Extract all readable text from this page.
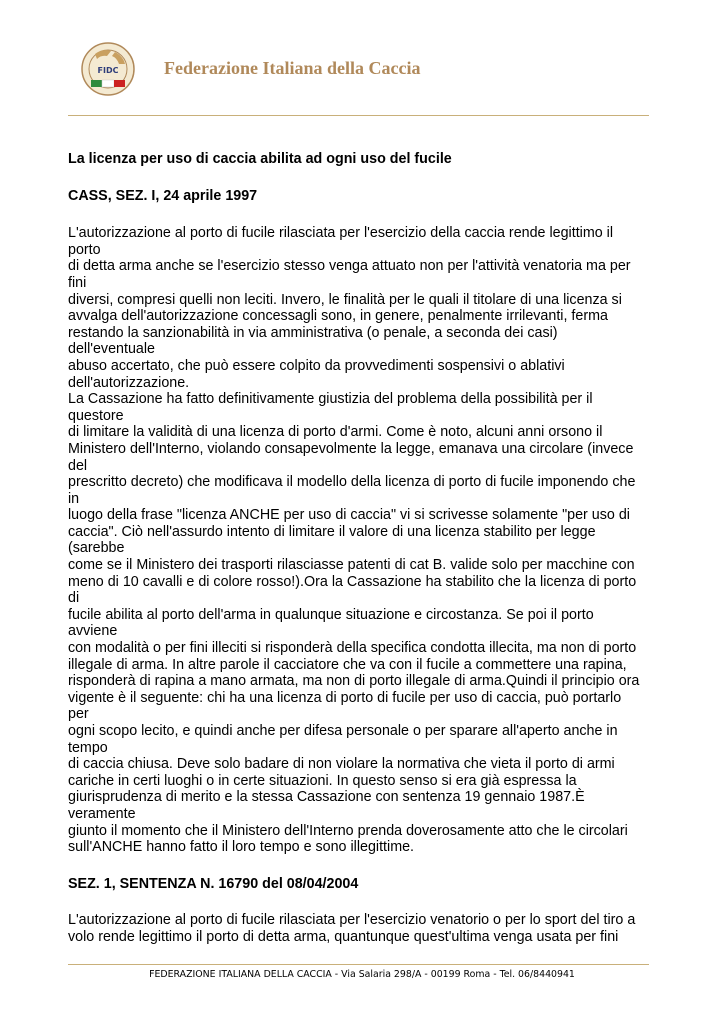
FIDC	Federazione Italiana della Caccia
La licenza per uso di caccia abilita ad ogni uso del fucile
CASS, SEZ. I, 24 aprile 1997
L'autorizzazione al porto di fucile rilasciata per l'esercizio della caccia rende legittimo il
porto
di detta arma anche se l'esercizio stesso venga attuato non per l'attività venatoria ma per
fini
diversi, compresi quelli non leciti. Invero, le finalità per le quali il titolare di una licenza si
avvalga dell'autorizzazione concessagli sono, in genere, penalmente irrilevanti, ferma
restando la sanzionabilità in via amministrativa (o penale, a seconda dei casi)
dell'eventuale
abuso accertato, che può essere colpito da provvedimenti sospensivi o ablativi
dell'autorizzazione.
La Cassazione ha fatto definitivamente giustizia del problema della possibilità per il
questore
di limitare la validità di una licenza di porto d'armi. Come è noto, alcuni anni orsono il
Ministero dell'Interno, violando consapevolmente la legge, emanava una circolare (invece
del
prescritto decreto) che modificava il modello della licenza di porto di fucile imponendo che
in
luogo della frase "licenza ANCHE per uso di caccia" vi si scrivesse solamente "per uso di
caccia". Ciò nell'assurdo intento di limitare il valore di una licenza stabilito per legge
(sarebbe
come se il Ministero dei trasporti rilasciasse patenti di cat B. valide solo per macchine con
meno di 10 cavalli e di colore rosso!).Ora la Cassazione ha stabilito che la licenza di porto
di
fucile abilita al porto dell'arma in qualunque situazione e circostanza. Se poi il porto
avviene
con modalità o per fini illeciti si risponderà della specifica condotta illecita, ma non di porto
illegale di arma. In altre parole il cacciatore che va con il fucile a commettere una rapina,
risponderà di rapina a mano armata, ma non di porto illegale di arma.Quindi il principio ora
vigente è il seguente: chi ha una licenza di porto di fucile per uso di caccia, può portarlo
per
ogni scopo lecito, e quindi anche per difesa personale o per sparare all'aperto anche in
tempo
di caccia chiusa. Deve solo badare di non violare la normativa che vieta il porto di armi
cariche in certi luoghi o in certe situazioni. In questo senso si era già espressa la
giurisprudenza di merito e la stessa Cassazione con sentenza 19 gennaio 1987.È
veramente
giunto il momento che il Ministero dell'Interno prenda doverosamente atto che le circolari
sull'ANCHE hanno fatto il loro tempo e sono illegittime.
SEZ. 1, SENTENZA N. 16790 del 08/04/2004
L'autorizzazione al porto di fucile rilasciata per l'esercizio venatorio o per lo sport del tiro a
volo rende legittimo il porto di detta arma, quantunque quest'ultima venga usata per fini
FEDERAZIONE ITALIANA DELLA CACCIA - Via Salaria 298/A - 00199 Roma - Tel. 06/8440941
